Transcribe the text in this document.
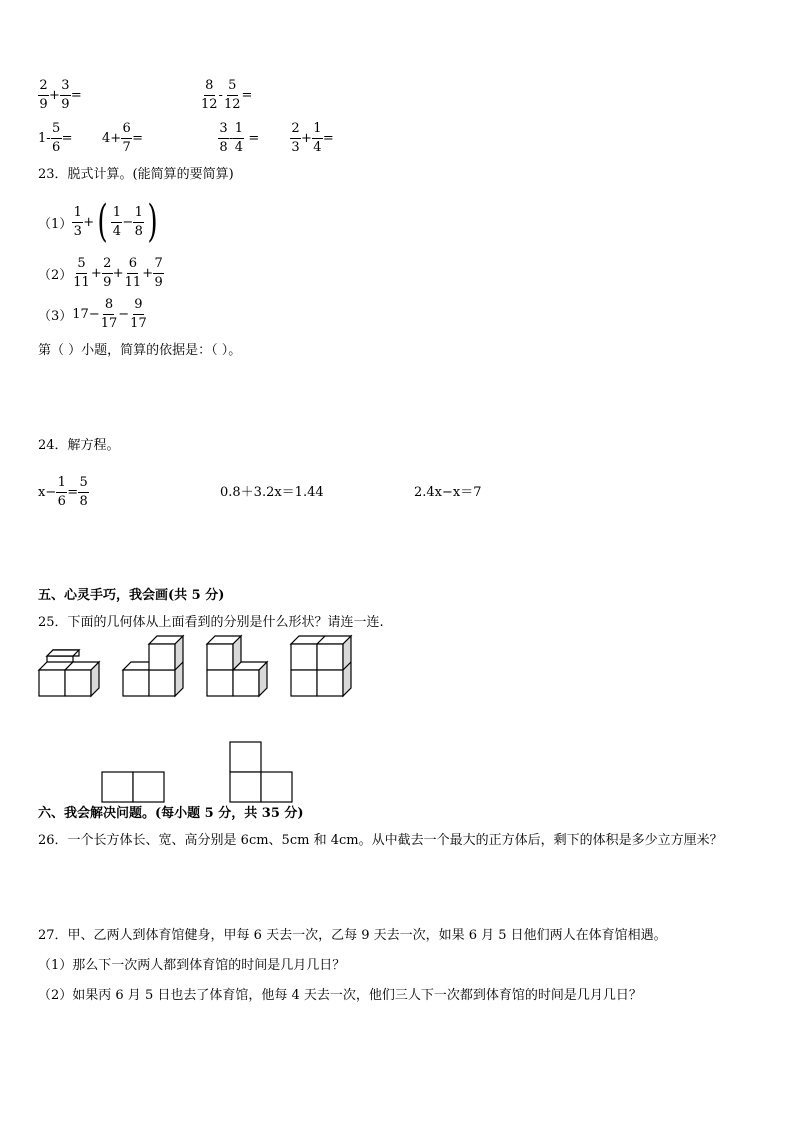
$\frac{2}{9} + \frac{3}{9}$ =	$\frac{8}{12} - \frac{5}{12}$ =
$1- \frac{5}{6} = 4+ \frac{6}{7}$ =	$\frac{3}{8} - \frac{1}{4} = \frac{2}{3} + \frac{1}{4}$ =
23．脱式计算。(能简算的要简算)
$(1) \frac{1}{3}$ + ( $\frac{1}{4} - \frac{1}{8}$ )
$(2) \frac{5}{11} + \frac{2}{9} + \frac{6}{11} + \frac{7}{9}$
（3） $17- \frac{8}{17} - \frac{9}{17}$
第（ ）小题，简算的依据是：（ ）。
24．解方程。
$x- \frac{1}{6} = \frac{5}{8}$	0.8＋3.2x＝1.44	2.4x−x＝7
五、心灵手巧，我会画(共 5 分)
25．下面的几何体从上面看到的分别是什么形状？请连一连.
六、我会解决问题。(每小题 5 分，共 35 分)
26．一个长方体长、宽、高分别是 6cm、5cm 和 4cm。从中截去一个最大的正方体后，剩下的体积是多少立方厘米？
27．甲、乙两人到体育馆健身，甲每 6 天去一次，乙每 9 天去一次，如果 6 月 5 日他们两人在体育馆相遇。
（1）那么下一次两人都到体育馆的时间是几月几日？
（2）如果丙 6 月 5 日也去了体育馆，他每 4 天去一次，他们三人下一次都到体育馆的时间是几月几日？
